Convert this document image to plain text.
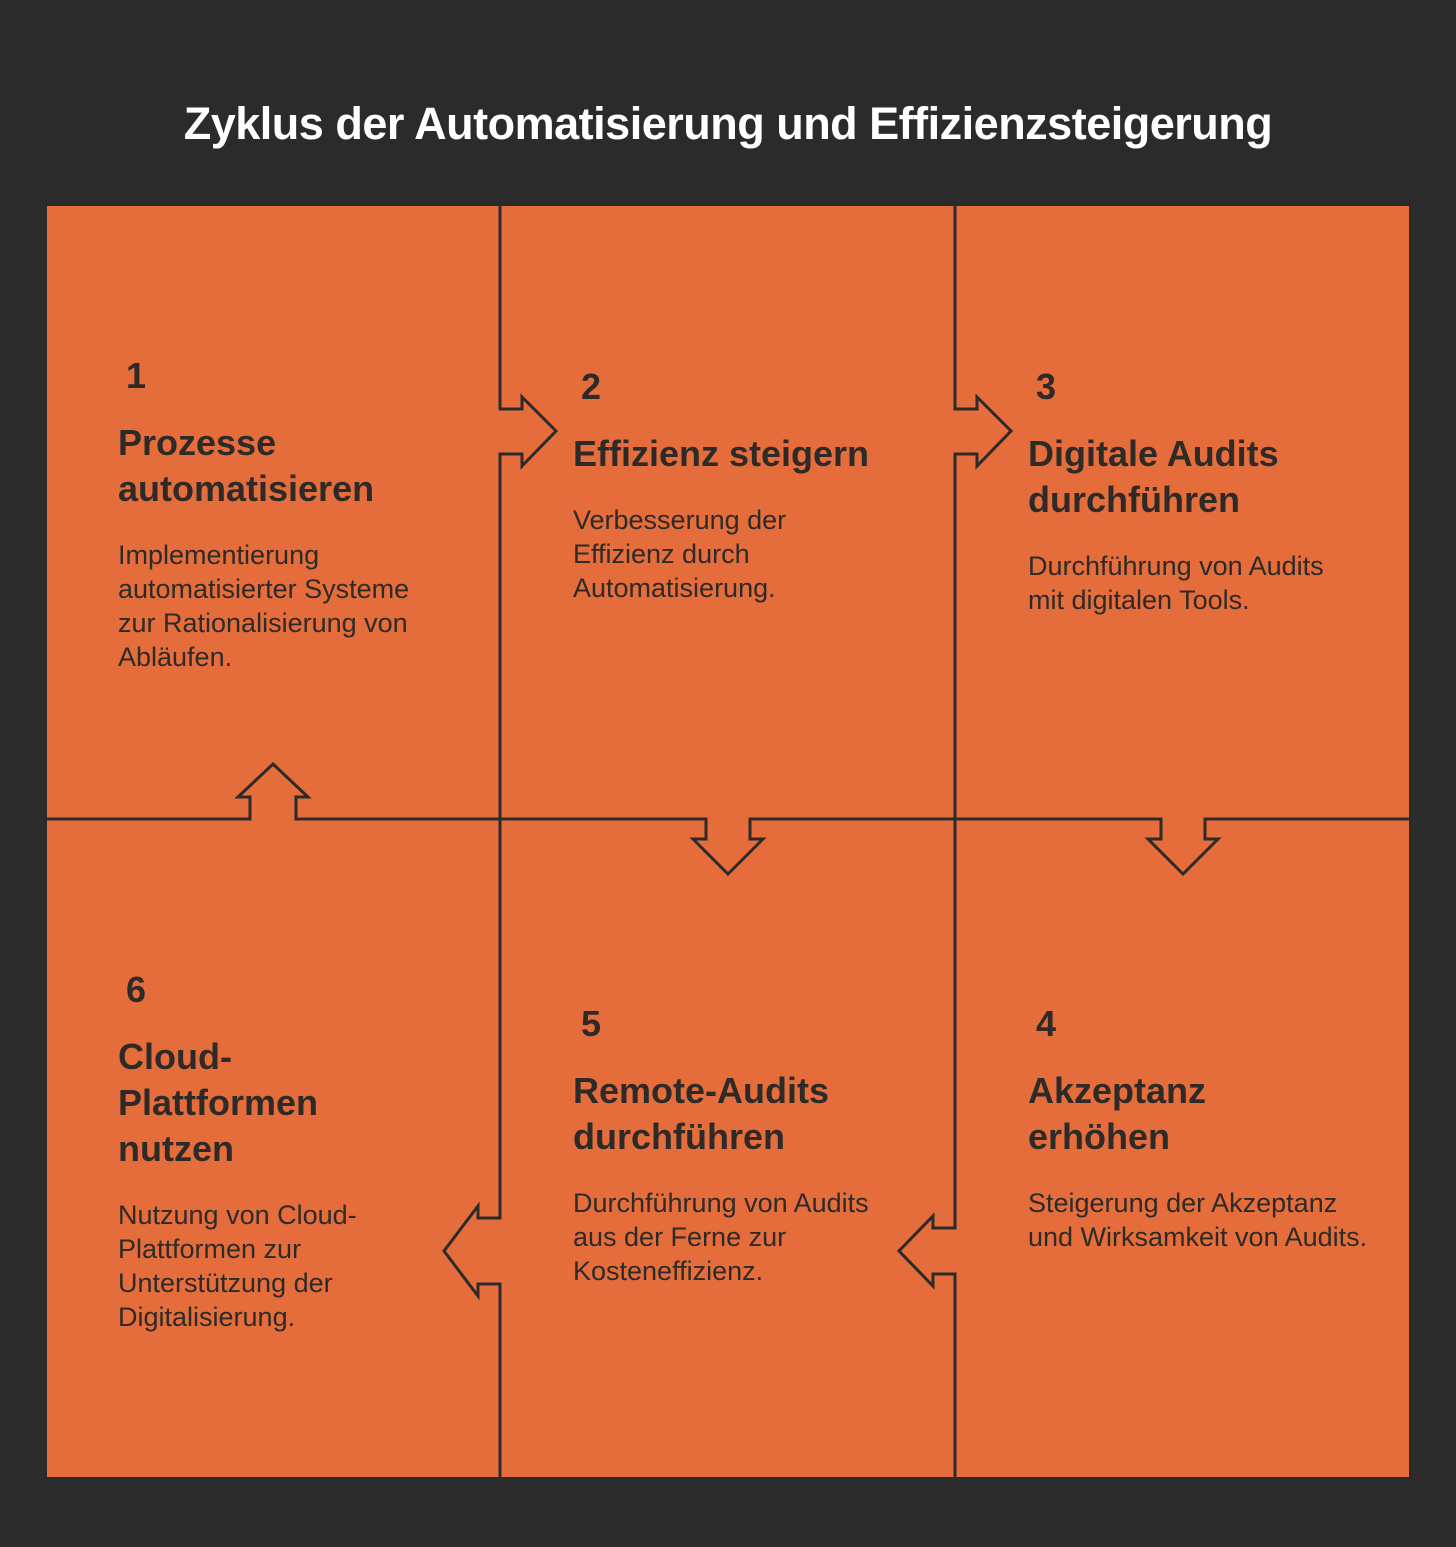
Zyklus der Automatisierung und Effizienzsteigerung
1
Prozesse automatisieren
Implementierung automatisierter Systeme zur Rationalisierung von Abläufen.
2
Effizienz steigern
Verbesserung der Effizienz durch Automatisierung.
3
Digitale Audits durchführen
Durchführung von Audits mit digitalen Tools.
6
Cloud-Plattformen nutzen
Nutzung von Cloud-Plattformen zur Unterstützung der Digitalisierung.
5
Remote-Audits durchführen
Durchführung von Audits aus der Ferne zur Kosteneffizienz.
4
Akzeptanz erhöhen
Steigerung der Akzeptanz und Wirksamkeit von Audits.
